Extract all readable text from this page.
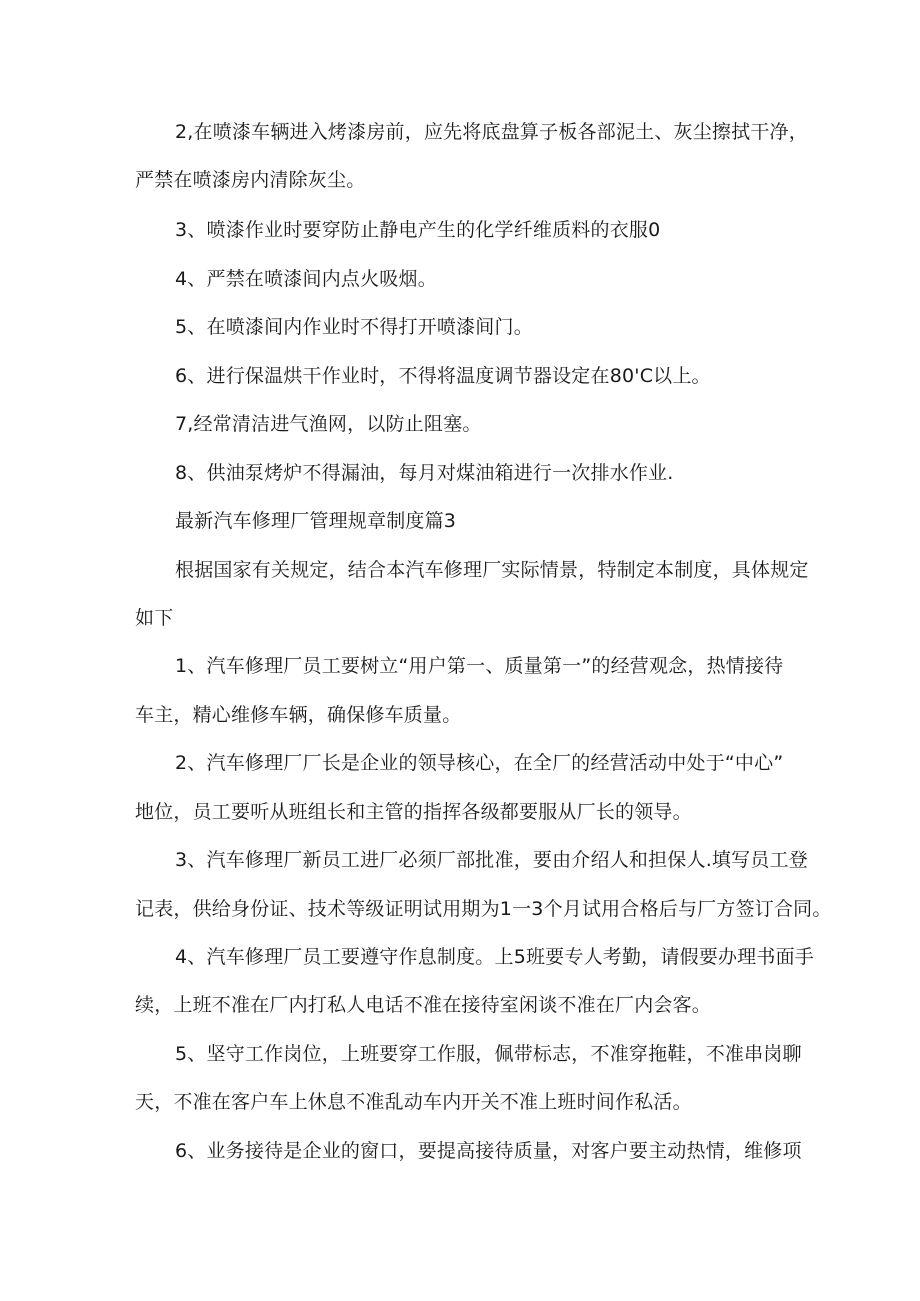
2,在喷漆车辆进入烤漆房前，应先将底盘算子板各部泥土、灰尘擦拭干净，
严禁在喷漆房内清除灰尘。
3、喷漆作业时要穿防止静电产生的化学纤维质料的衣服0
4、严禁在喷漆间内点火吸烟。
5、在喷漆间内作业时不得打开喷漆间门。
6、进行保温烘干作业时，不得将温度调节器设定在80'C以上。
7,经常清洁进气渔网，以防止阻塞。
8、供油泵烤炉不得漏油，每月对煤油箱进行一次排水作业.
最新汽车修理厂管理规章制度篇3
根据国家有关规定，结合本汽车修理厂实际情景，特制定本制度，具体规定
如下
1、汽车修理厂员工要树立“用户第一、质量第一”的经营观念，热情接待
车主，精心维修车辆，确保修车质量。
2、汽车修理厂厂长是企业的领导核心，在全厂的经营活动中处于“中心”
地位，员工要听从班组长和主管的指挥各级都要服从厂长的领导。
3、汽车修理厂新员工进厂必须厂部批准，要由介绍人和担保人.填写员工登
记表，供给身份证、技术等级证明试用期为1一3个月试用合格后与厂方签订合同。
4、汽车修理厂员工要遵守作息制度。上5班要专人考勤，请假要办理书面手
续，上班不准在厂内打私人电话不准在接待室闲谈不准在厂内会客。
5、坚守工作岗位，上班要穿工作服，佩带标志，不准穿拖鞋，不准串岗聊
天，不准在客户车上休息不准乱动车内开关不准上班时间作私活。
6、业务接待是企业的窗口，要提高接待质量，对客户要主动热情，维修项
